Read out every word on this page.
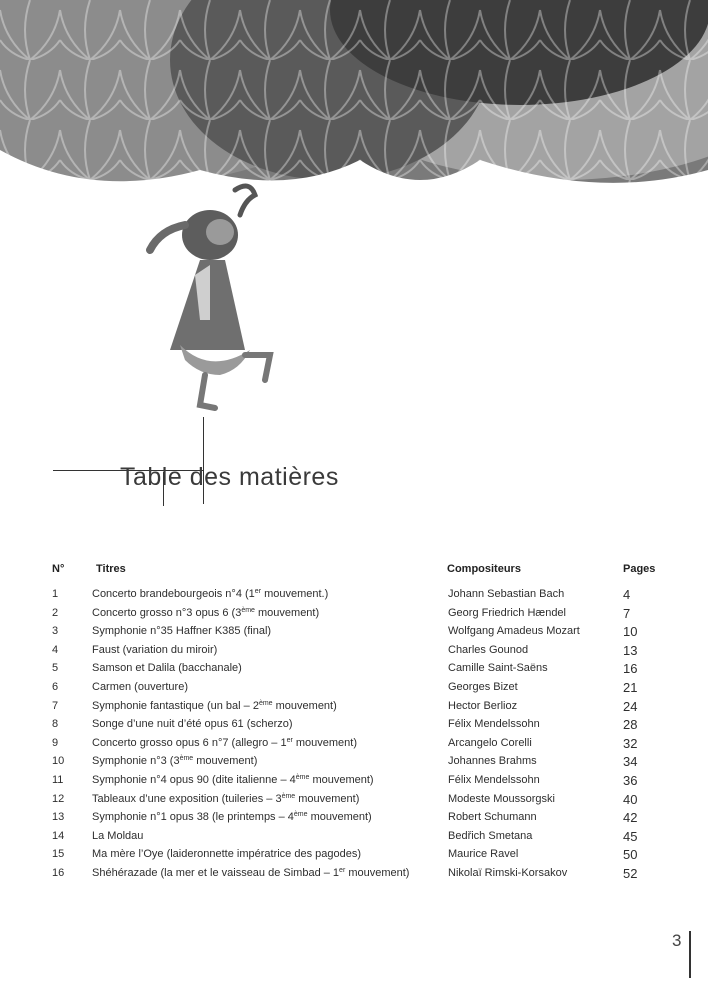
Table des matières
N°	Titres	Compositeurs	Pages
1	Concerto brandebourgeois n°4 (1er mouvement.)	Johann Sebastian Bach	4
2	Concerto grosso n°3 opus 6 (3ème mouvement)	Georg Friedrich Hændel	7
3	Symphonie n°35 Haffner K385 (final)	Wolfgang Amadeus Mozart	10
4	Faust (variation du miroir)	Charles Gounod	13
5	Samson et Dalila (bacchanale)	Camille Saint-Saëns	16
6	Carmen (ouverture)	Georges Bizet	21
7	Symphonie fantastique (un bal – 2ème mouvement)	Hector Berlioz	24
8	Songe d’une nuit d’été opus 61 (scherzo)	Félix Mendelssohn	28
9	Concerto grosso opus 6 n°7 (allegro – 1er mouvement)	Arcangelo Corelli	32
10	Symphonie n°3 (3ème mouvement)	Johannes Brahms	34
11	Symphonie n°4 opus 90 (dite italienne – 4ème mouvement)	Félix Mendelssohn	36
12	Tableaux d’une exposition (tuileries – 3ème mouvement)	Modeste Moussorgski	40
13	Symphonie n°1 opus 38 (le printemps – 4ème mouvement)	Robert Schumann	42
14	La Moldau	Bedřich Smetana	45
15	Ma mère l’Oye (laideronnette impératrice des pagodes)	Maurice Ravel	50
16	Shéhérazade (la mer et le vaisseau de Simbad – 1er mouvement)	Nikolaï Rimski-Korsakov	52
3
